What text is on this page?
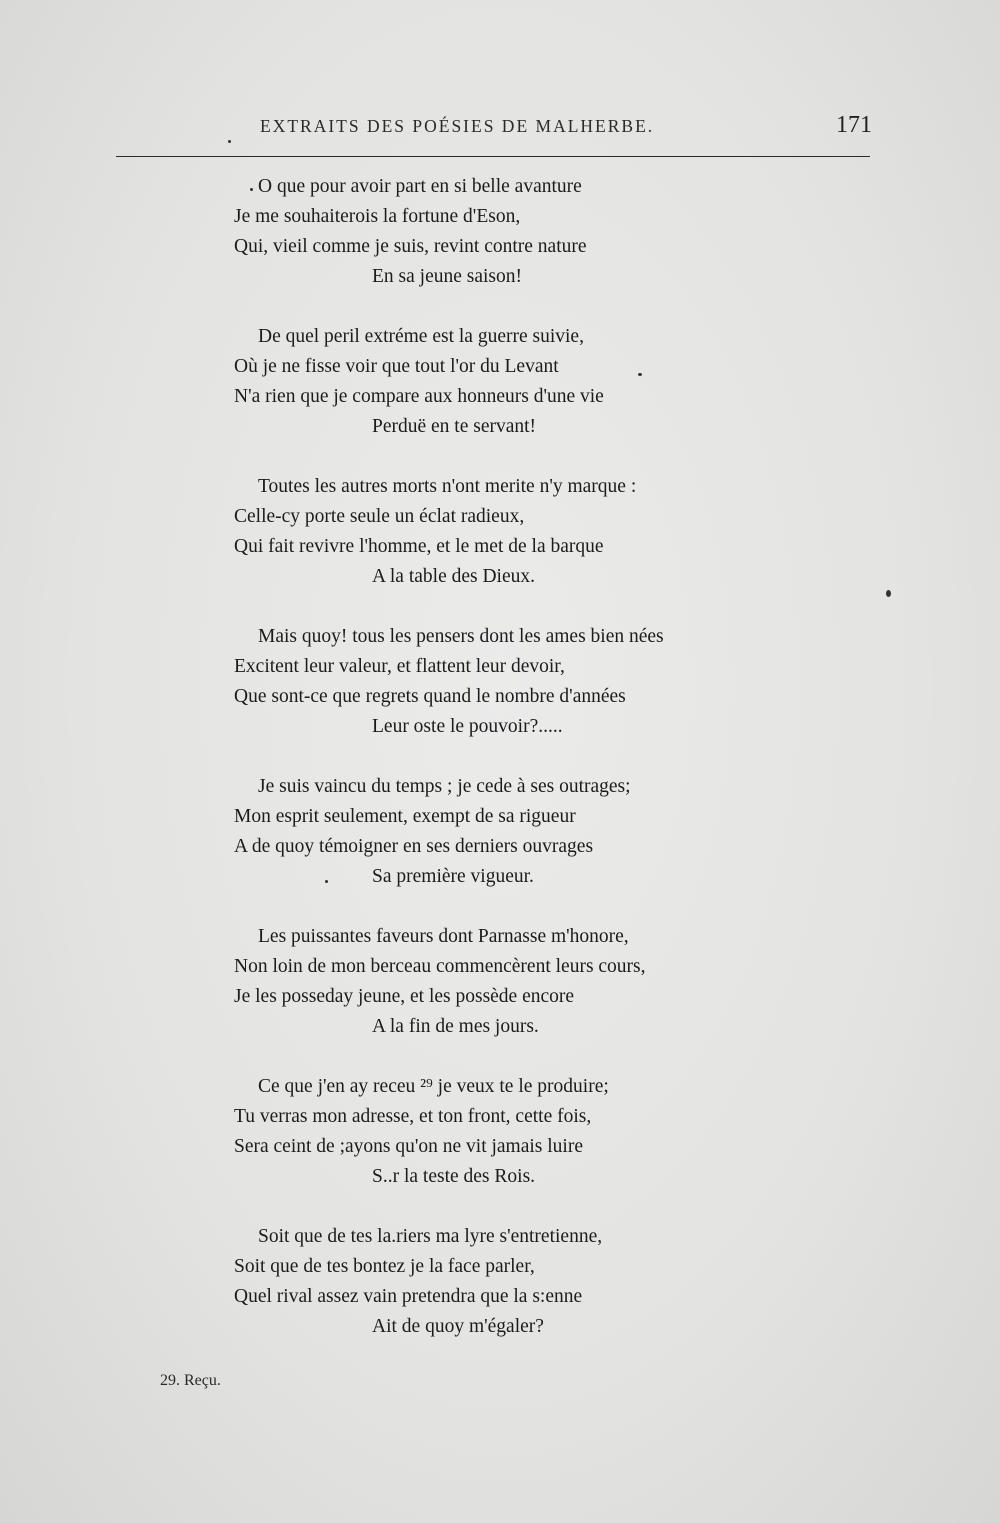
EXTRAITS DES POÉSIES DE MALHERBE.	171
O que pour avoir part en si belle avanture
Je me souhaiterois la fortune d'Eson,
Qui, vieil comme je suis, revint contre nature
En sa jeune saison!
De quel peril extréme est la guerre suivie,
Où je ne fisse voir que tout l'or du Levant
N'a rien que je compare aux honneurs d'une vie
Perduë en te servant!
Toutes les autres morts n'ont merite n'y marque :
Celle-cy porte seule un éclat radieux,
Qui fait revivre l'homme, et le met de la barque
A la table des Dieux.
Mais quoy! tous les pensers dont les ames bien nées
Excitent leur valeur, et flattent leur devoir,
Que sont-ce que regrets quand le nombre d'années
Leur oste le pouvoir?.....
Je suis vaincu du temps ; je cede à ses outrages;
Mon esprit seulement, exempt de sa rigueur
A de quoy témoigner en ses derniers ouvrages
Sa première vigueur.
Les puissantes faveurs dont Parnasse m'honore,
Non loin de mon berceau commencèrent leurs cours,
Je les posseday jeune, et les possède encore
A la fin de mes jours.
Ce que j'en ay receu ²⁹ je veux te le produire;
Tu verras mon adresse, et ton front, cette fois,
Sera ceint de ;ayons qu'on ne vit jamais luire
S..r la teste des Rois.
Soit que de tes la.riers ma lyre s'entretienne,
Soit que de tes bontez je la face parler,
Quel rival assez vain pretendra que la s:enne
Ait de quoy m'égaler?
29. Reçu.
